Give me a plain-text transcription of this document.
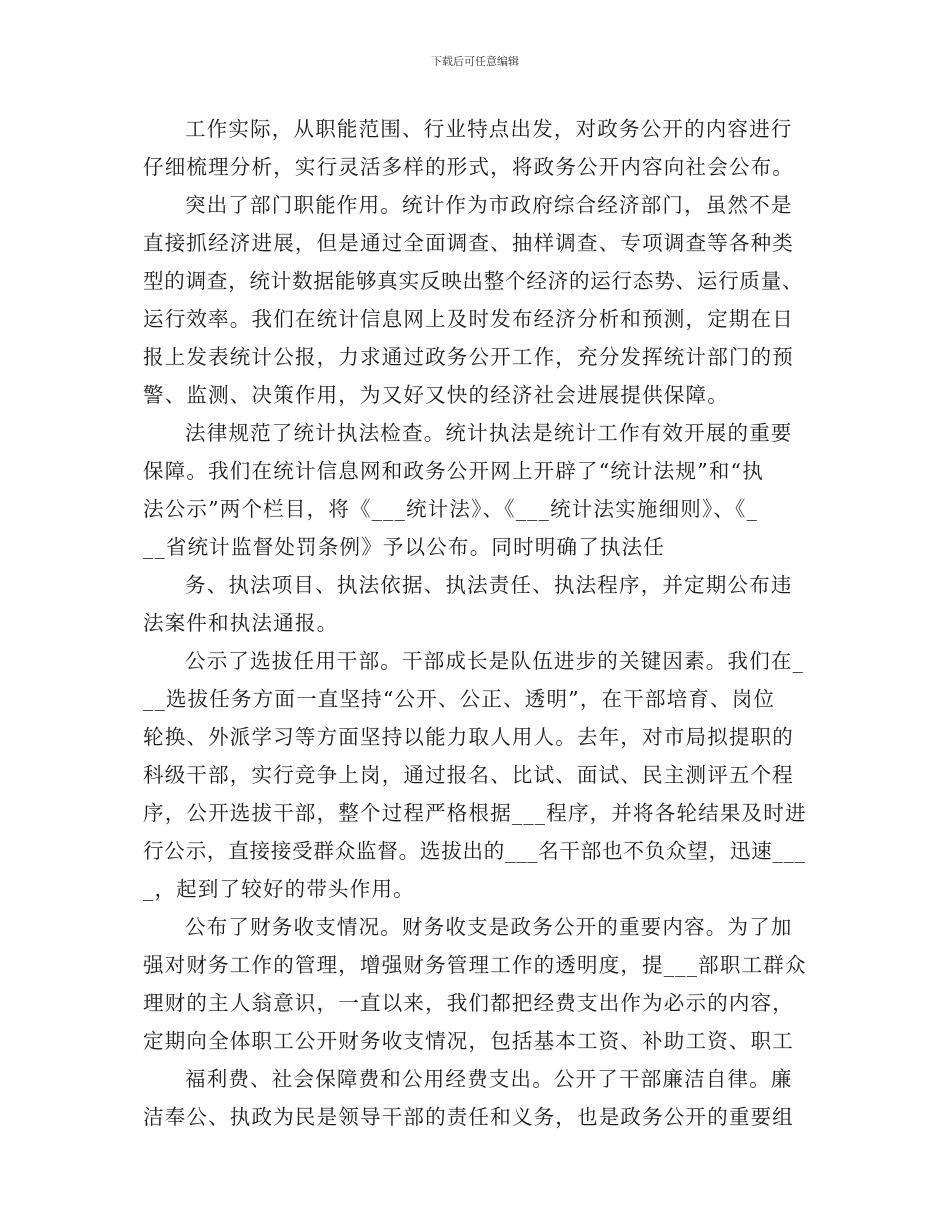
下载后可任意编辑
工作实际，从职能范围、行业特点出发，对政务公开的内容进行
仔细梳理分析，实行灵活多样的形式，将政务公开内容向社会公布。
突出了部门职能作用。统计作为市政府综合经济部门，虽然不是
直接抓经济进展，但是通过全面调查、抽样调查、专项调查等各种类
型的调查，统计数据能够真实反映出整个经济的运行态势、运行质量、
运行效率。我们在统计信息网上及时发布经济分析和预测，定期在日
报上发表统计公报，力求通过政务公开工作，充分发挥统计部门的预
警、监测、决策作用，为又好又快的经济社会进展提供保障。
法律规范了统计执法检查。统计执法是统计工作有效开展的重要
保障。我们在统计信息网和政务公开网上开辟了“统计法规”和“执
法公示”两个栏目，将《___统计法》、《___统计法实施细则》、《_
__省统计监督处罚条例》予以公布。同时明确了执法任
务、执法项目、执法依据、执法责任、执法程序，并定期公布违
法案件和执法通报。
公示了选拔任用干部。干部成长是队伍进步的关键因素。我们在_
__选拔任务方面一直坚持“公开、公正、透明”，在干部培育、岗位
轮换、外派学习等方面坚持以能力取人用人。去年，对市局拟提职的
科级干部，实行竞争上岗，通过报名、比试、面试、民主测评五个程
序，公开选拔干部，整个过程严格根据___程序，并将各轮结果及时进
行公示，直接接受群众监督。选拔出的___名干部也不负众望，迅速___
_，起到了较好的带头作用。
公布了财务收支情况。财务收支是政务公开的重要内容。为了加
强对财务工作的管理，增强财务管理工作的透明度，提___部职工群众
理财的主人翁意识，一直以来，我们都把经费支出作为必示的内容，
定期向全体职工公开财务收支情况，包括基本工资、补助工资、职工
福利费、社会保障费和公用经费支出。公开了干部廉洁自律。廉
洁奉公、执政为民是领导干部的责任和义务，也是政务公开的重要组
